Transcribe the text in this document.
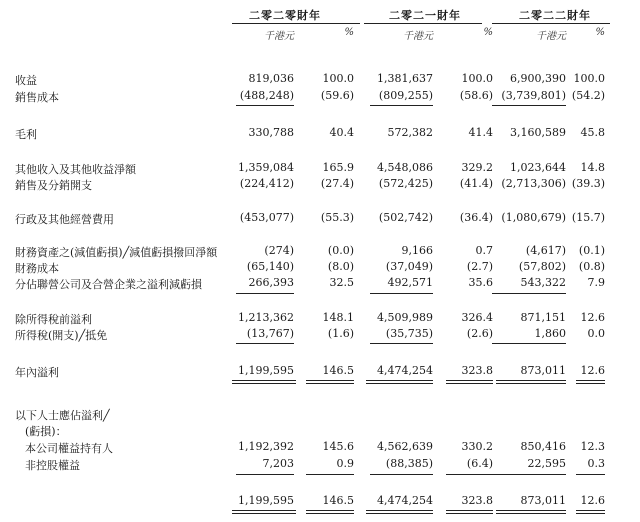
二零二零財年	二零二一財年	二零二二財年
千港元	%	千港元	%	千港元	%
收益	819,036	100.0	1,381,637	100.0	6,900,390 100.0
銷售成本	(488,248)	(59.6)	(809,255)	(58.6) (3,739,801) (54.2)
毛利	330,788	40.4	572,382	41.4	3,160,589	45.8
其他收入及其他收益淨額	1,359,084	165.9	4,548,086	329.2	1,023,644	14.8
銷售及分銷開支	(224,412)	(27.4)	(572,425)	(41.4) (2,713,306) (39.3)
行政及其他經營費用	(453,077)	(55.3)	(502,742)	(36.4) (1,080,679) (15.7)
財務資產之(減值虧損)╱減值虧損撥回淨額	(274)	(0.0)	9,166	0.7	(4,617)	(0.1)
財務成本	(65,140)	(8.0)	(37,049)	(2.7)	(57,802)	(0.8)
分佔聯營公司及合營企業之溢利減虧損	266,393	32.5	492,571	35.6	543,322	7.9
除所得稅前溢利	1,213,362	148.1	4,509,989	326.4	871,151	12.6
所得稅(開支)╱抵免	(13,767)	(1.6)	(35,735)	(2.6)	1,860	0.0
年內溢利	1,199,595	146.5	4,474,254	323.8	873,011	12.6
以下人士應佔溢利╱
(虧損)：
本公司權益持有人	1,192,392	145.6	4,562,639	330.2	850,416	12.3
非控股權益	7,203	0.9	(88,385)	(6.4)	22,595	0.3
1,199,595	146.5	4,474,254	323.8	873,011	12.6
